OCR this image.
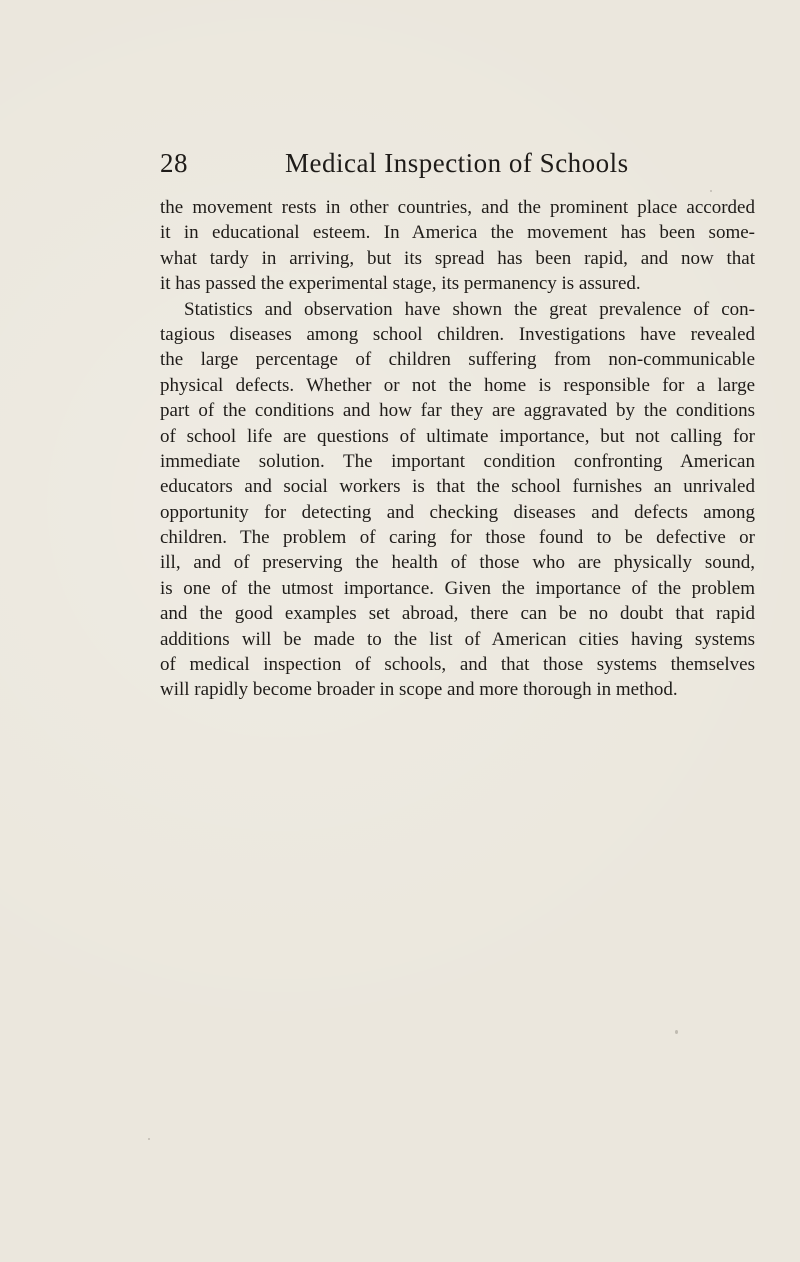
28	Medical Inspection of Schools
the movement rests in other countries, and the prominent place accorded
it in educational esteem. In America the movement has been some-
what tardy in arriving, but its spread has been rapid, and now that
it has passed the experimental stage, its permanency is assured.
Statistics and observation have shown the great prevalence of con-
tagious diseases among school children. Investigations have revealed
the large percentage of children suffering from non-communicable
physical defects. Whether or not the home is responsible for a large
part of the conditions and how far they are aggravated by the conditions
of school life are questions of ultimate importance, but not calling for
immediate solution. The important condition confronting American
educators and social workers is that the school furnishes an unrivaled
opportunity for detecting and checking diseases and defects among
children. The problem of caring for those found to be defective or
ill, and of preserving the health of those who are physically sound,
is one of the utmost importance. Given the importance of the problem
and the good examples set abroad, there can be no doubt that rapid
additions will be made to the list of American cities having systems
of medical inspection of schools, and that those systems themselves
will rapidly become broader in scope and more thorough in method.
